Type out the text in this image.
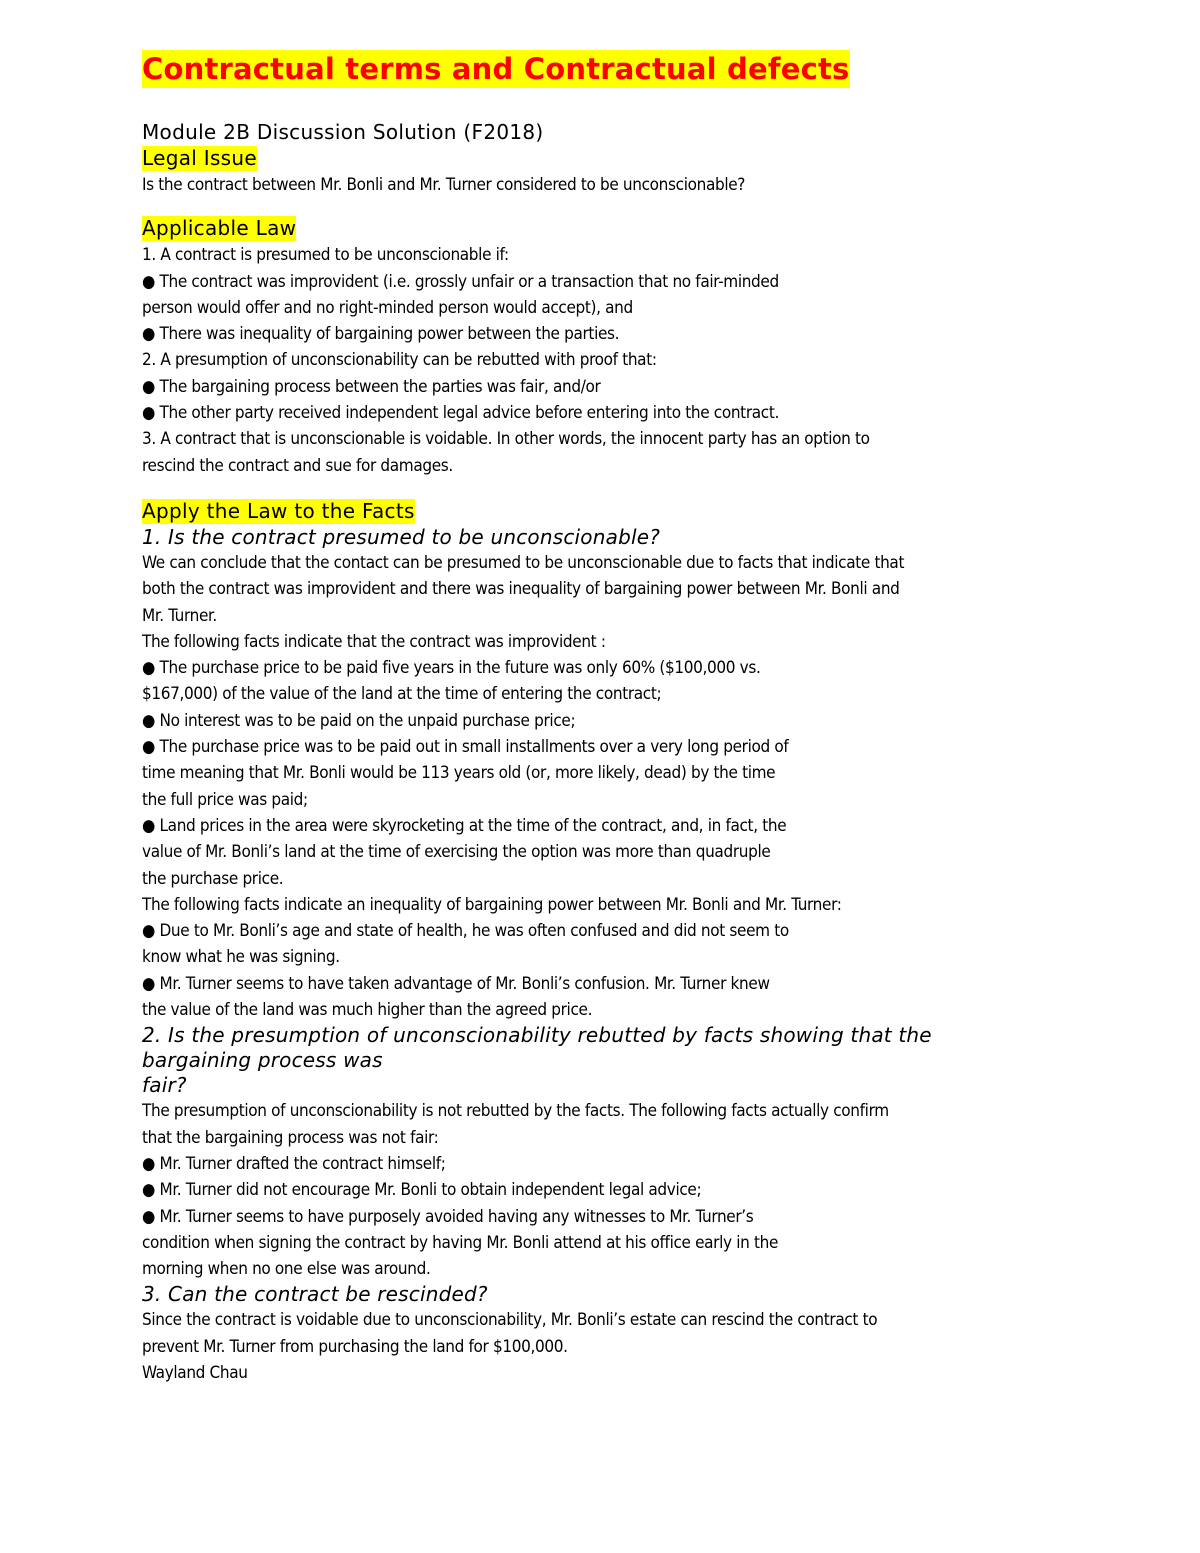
Contractual terms and Contractual defects
Module 2B Discussion Solution (F2018)
Legal Issue
Is the contract between Mr. Bonli and Mr. Turner considered to be unconscionable?
Applicable Law
1. A contract is presumed to be unconscionable if:
● The contract was improvident (i.e. grossly unfair or a transaction that no fair-minded
person would offer and no right-minded person would accept), and
● There was inequality of bargaining power between the parties.
2. A presumption of unconscionability can be rebutted with proof that:
● The bargaining process between the parties was fair, and/or
● The other party received independent legal advice before entering into the contract.
3. A contract that is unconscionable is voidable. In other words, the innocent party has an option to
rescind the contract and sue for damages.
Apply the Law to the Facts
1. Is the contract presumed to be unconscionable?
We can conclude that the contact can be presumed to be unconscionable due to facts that indicate that
both the contract was improvident and there was inequality of bargaining power between Mr. Bonli and
Mr. Turner.
The following facts indicate that the contract was improvident :
● The purchase price to be paid five years in the future was only 60% ($100,000 vs.
$167,000) of the value of the land at the time of entering the contract;
● No interest was to be paid on the unpaid purchase price;
● The purchase price was to be paid out in small installments over a very long period of
time meaning that Mr. Bonli would be 113 years old (or, more likely, dead) by the time
the full price was paid;
● Land prices in the area were skyrocketing at the time of the contract, and, in fact, the
value of Mr. Bonli’s land at the time of exercising the option was more than quadruple
the purchase price.
The following facts indicate an inequality of bargaining power between Mr. Bonli and Mr. Turner:
● Due to Mr. Bonli’s age and state of health, he was often confused and did not seem to
know what he was signing.
● Mr. Turner seems to have taken advantage of Mr. Bonli’s confusion. Mr. Turner knew
the value of the land was much higher than the agreed price.
2. Is the presumption of unconscionability rebutted by facts showing that the
bargaining process was
fair?
The presumption of unconscionability is not rebutted by the facts. The following facts actually confirm
that the bargaining process was not fair:
● Mr. Turner drafted the contract himself;
● Mr. Turner did not encourage Mr. Bonli to obtain independent legal advice;
● Mr. Turner seems to have purposely avoided having any witnesses to Mr. Turner’s
condition when signing the contract by having Mr. Bonli attend at his office early in the
morning when no one else was around.
3. Can the contract be rescinded?
Since the contract is voidable due to unconscionability, Mr. Bonli’s estate can rescind the contract to
prevent Mr. Turner from purchasing the land for $100,000.
Wayland Chau
